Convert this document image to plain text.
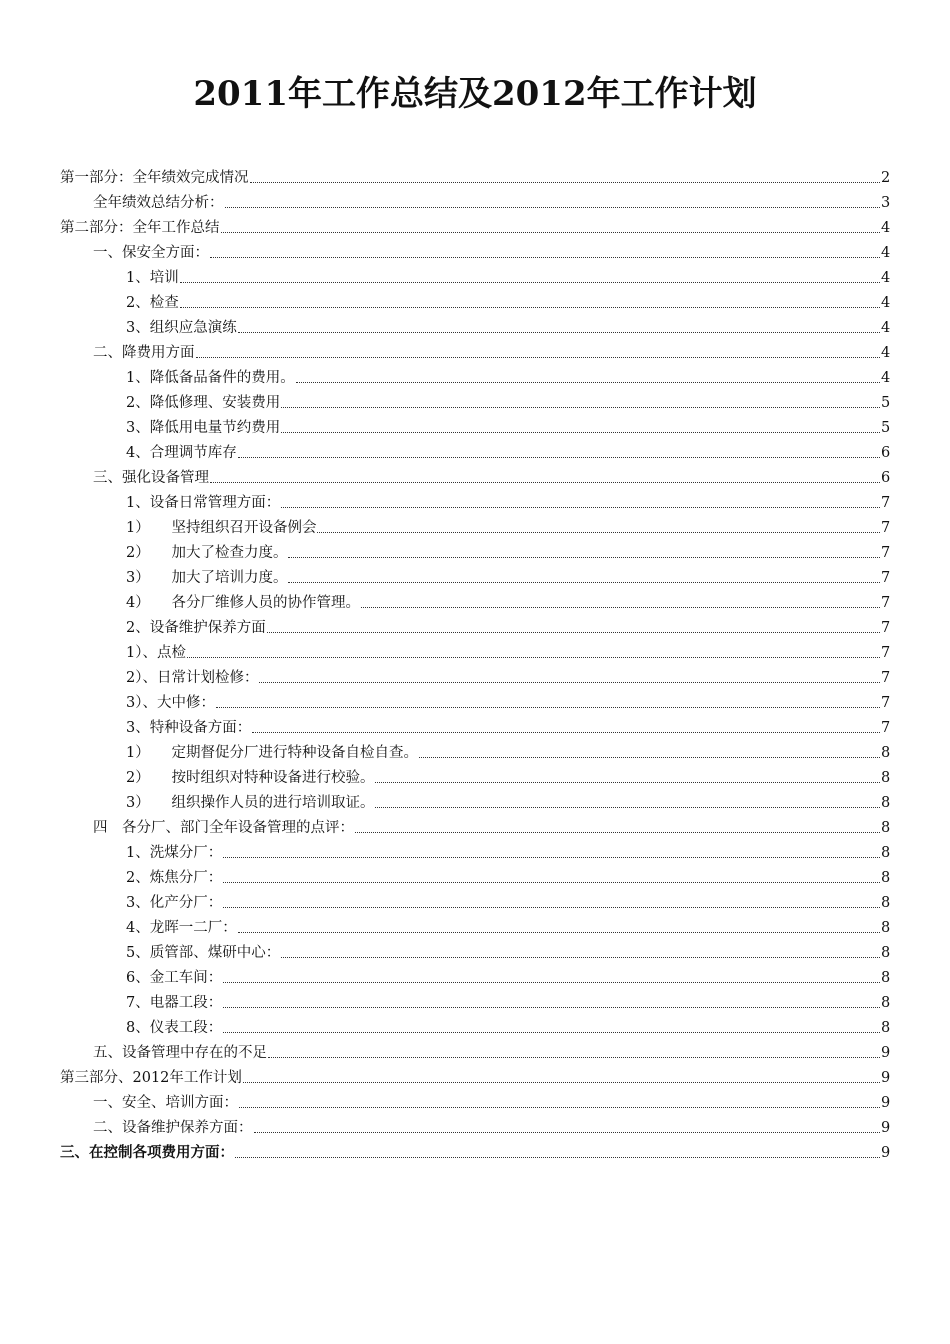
2011年工作总结及2012年工作计划
第一部分：全年绩效完成情况	2
全年绩效总结分析：	3
第二部分：全年工作总结	4
一、保安全方面：	4
1、培训	4
2、检查	4
3、组织应急演练	4
二、降费用方面	4
1、降低备品备件的费用。	4
2、降低修理、安装费用	5
3、降低用电量节约费用	5
4、合理调节库存	6
三、强化设备管理	6
1、设备日常管理方面：	7
1）　　坚持组织召开设备例会	7
2）　　加大了检查力度。	7
3）　　加大了培训力度。	7
4）　　各分厂维修人员的协作管理。	7
2、设备维护保养方面	7
1）、点检	7
2）、日常计划检修：	7
3）、大中修：	7
3、特种设备方面：	7
1）　　定期督促分厂进行特种设备自检自查。	8
2）　　按时组织对特种设备进行校验。	8
3）　　组织操作人员的进行培训取证。	8
四　各分厂、部门全年设备管理的点评：	8
1、洗煤分厂：	8
2、炼焦分厂：	8
3、化产分厂：	8
4、龙晖一二厂：	8
5、质管部、煤研中心：	8
6、金工车间：	8
7、电器工段：	8
8、仪表工段：	8
五、设备管理中存在的不足	9
第三部分、2012年工作计划	9
一、安全、培训方面：	9
二、设备维护保养方面：	9
三、在控制各项费用方面：	9
